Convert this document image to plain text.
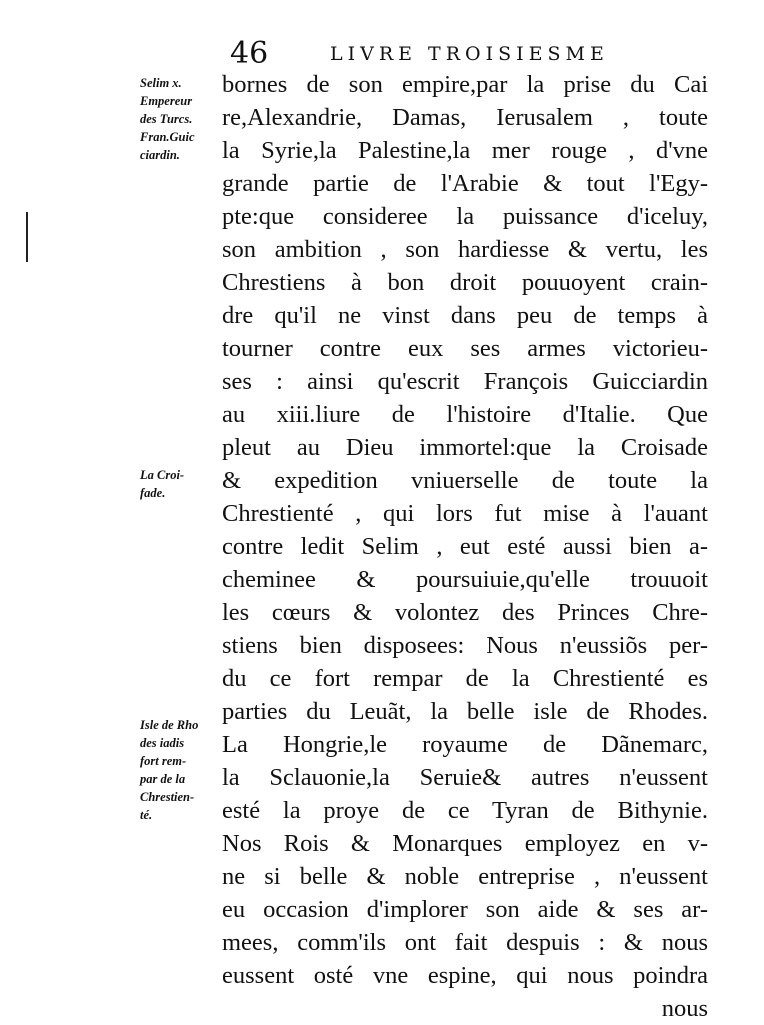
46	LIVRE TROISIESME
Selim x.
Empereur
des Turcs.
Fran.Guic
ciardin.
La Croi-
fade.
Isle de Rho
des iadis
fort rem-
par de la
Chrestien-
té.
bornes de son empire,par la prise du Cai
re,Alexandrie, Damas, Ierusalem , toute
la Syrie,la Palestine,la mer rouge , d'vne
grande partie de l'Arabie & tout l'Egy-
pte:que consideree la puissance d'iceluy,
son ambition , son hardiesse & vertu, les
Chrestiens à bon droit pouuoyent crain-
dre qu'il ne vinst dans peu de temps à
tourner contre eux ses armes victorieu-
ses : ainsi qu'escrit François Guicciardin
au xiii.liure de l'histoire d'Italie. Que
pleut au Dieu immortel:que la Croisade
& expedition vniuerselle de toute la
Chrestienté , qui lors fut mise à l'auant
contre ledit Selim , eut esté aussi bien a-
cheminee & poursuiuie,qu'elle trouuoit
les cœurs & volontez des Princes Chre-
stiens bien disposees: Nous n'eussiõs per-
du ce fort rempar de la Chrestienté es
parties du Leuãt, la belle isle de Rhodes.
La Hongrie,le royaume de Dãnemarc,
la Sclauonie,la Seruie& autres n'eussent
esté la proye de ce Tyran de Bithynie.
Nos Rois & Monarques employez en v-
ne si belle & noble entreprise , n'eussent
eu occasion d'implorer son aide & ses ar-
mees, comm'ils ont fait despuis : & nous
eussent osté vne espine, qui nous poindra
nous
